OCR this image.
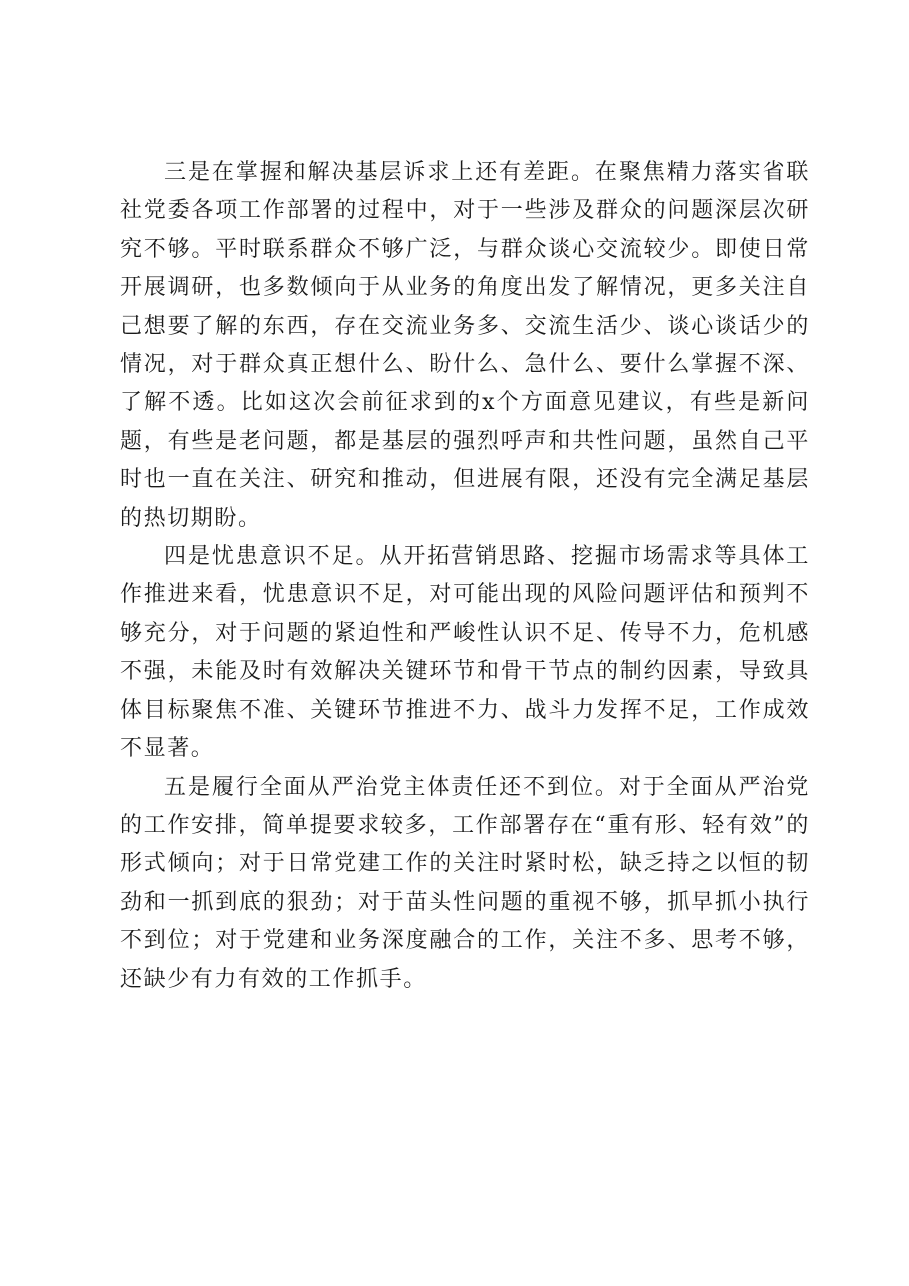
三是在掌握和解决基层诉求上还有差距。在聚焦精力落实省联社党委各项工作部署的过程中，对于一些涉及群众的问题深层次研究不够。平时联系群众不够广泛，与群众谈心交流较少。即使日常开展调研，也多数倾向于从业务的角度出发了解情况，更多关注自己想要了解的东西，存在交流业务多、交流生活少、谈心谈话少的情况，对于群众真正想什么、盼什么、急什么、要什么掌握不深、了解不透。比如这次会前征求到的x个方面意见建议，有些是新问题，有些是老问题，都是基层的强烈呼声和共性问题，虽然自己平时也一直在关注、研究和推动，但进展有限，还没有完全满足基层的热切期盼。

四是忧患意识不足。从开拓营销思路、挖掘市场需求等具体工作推进来看，忧患意识不足，对可能出现的风险问题评估和预判不够充分，对于问题的紧迫性和严峻性认识不足、传导不力，危机感不强，未能及时有效解决关键环节和骨干节点的制约因素，导致具体目标聚焦不准、关键环节推进不力、战斗力发挥不足，工作成效不显著。

五是履行全面从严治党主体责任还不到位。对于全面从严治党的工作安排，简单提要求较多，工作部署存在“重有形、轻有效”的形式倾向；对于日常党建工作的关注时紧时松，缺乏持之以恒的韧劲和一抓到底的狠劲；对于苗头性问题的重视不够，抓早抓小执行不到位；对于党建和业务深度融合的工作，关注不多、思考不够，还缺少有力有效的工作抓手。
